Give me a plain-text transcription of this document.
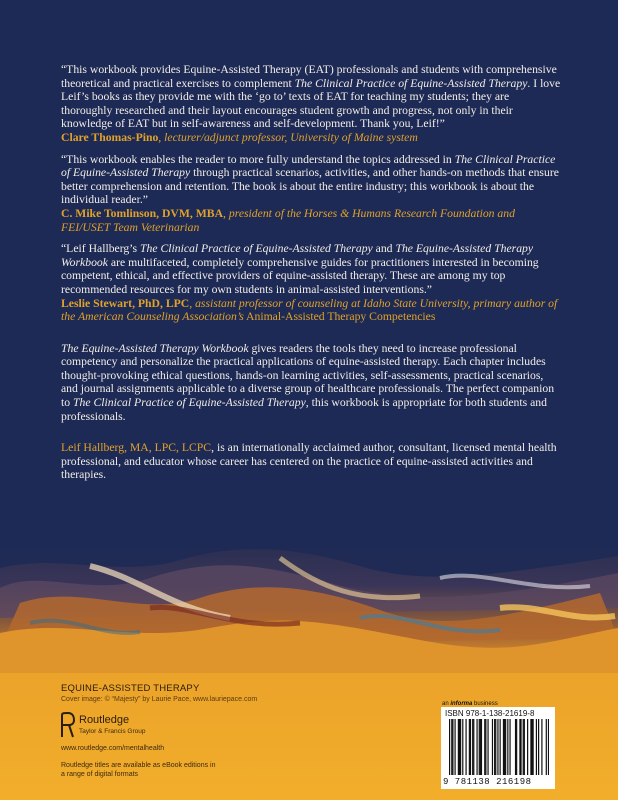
“This workbook provides Equine-Assisted Therapy (EAT) professionals and students with comprehensive theoretical and practical exercises to complement The Clinical Practice of Equine-Assisted Therapy. I love Leif’s books as they provide me with the ‘go to’ texts of EAT for teaching my students; they are thoroughly researched and their layout encourages student growth and progress, not only in their knowledge of EAT but in self-awareness and self-development. Thank you, Leif!”
Clare Thomas-Pino, lecturer/adjunct professor, University of Maine system

“This workbook enables the reader to more fully understand the topics addressed in The Clinical Practice of Equine-Assisted Therapy through practical scenarios, activities, and other hands-on methods that ensure better comprehension and retention. The book is about the entire industry; this workbook is about the individual reader.”
C. Mike Tomlinson, DVM, MBA, president of the Horses & Humans Research Foundation and FEI/USET Team Veterinarian

“Leif Hallberg’s The Clinical Practice of Equine-Assisted Therapy and The Equine-Assisted Therapy Workbook are multifaceted, completely comprehensive guides for practitioners interested in becoming competent, ethical, and effective providers of equine-assisted therapy. These are among my top recommended resources for my own students in animal-assisted interventions.”
Leslie Stewart, PhD, LPC, assistant professor of counseling at Idaho State University, primary author of the American Counseling Association’s Animal-Assisted Therapy Competencies

The Equine-Assisted Therapy Workbook gives readers the tools they need to increase professional competency and personalize the practical applications of equine-assisted therapy. Each chapter includes thought-provoking ethical questions, hands-on learning activities, self-assessments, practical scenarios, and journal assignments applicable to a diverse group of healthcare professionals. The perfect companion to The Clinical Practice of Equine-Assisted Therapy, this workbook is appropriate for both students and professionals.

Leif Hallberg, MA, LPC, LCPC, is an internationally acclaimed author, consultant, licensed mental health professional, and educator whose career has centered on the practice of equine-assisted activities and therapies.

EQUINE-ASSISTED THERAPY
Cover image: © “Majesty” by Laurie Pace, www.lauriepace.com
Routledge
Taylor & Francis Group
www.routledge.com/mentalhealth
Routledge titles are available as eBook editions in a range of digital formats
an informa business
ISBN 978-1-138-21619-8
9 781138 216198
